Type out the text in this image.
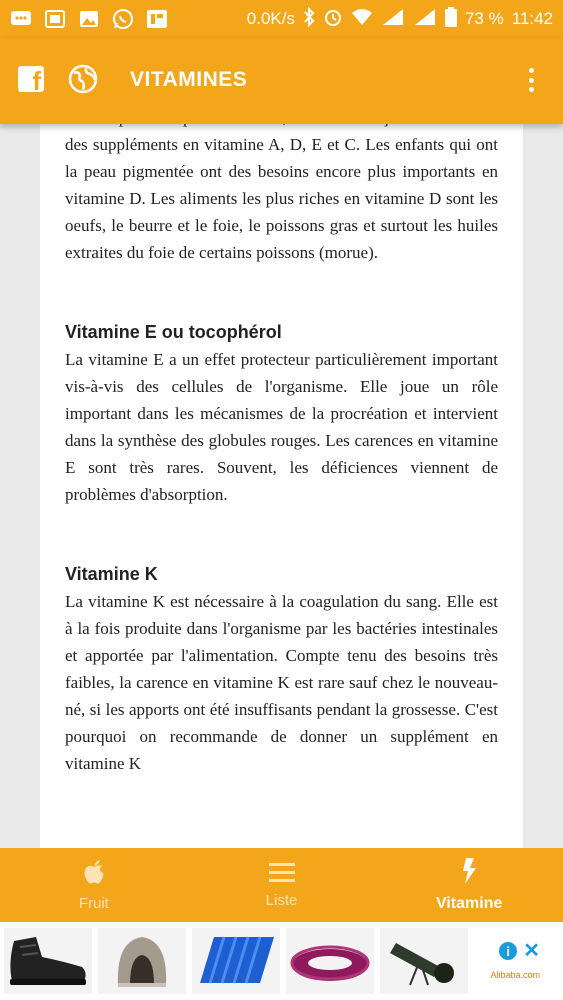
0.0K/s	73 % 11:42
f	VITAMINES

des suppléments en vitamine A, D, E et C. Les enfants qui ont la peau pigmentée ont des besoins encore plus importants en vitamine D. Les aliments les plus riches en vitamine D sont les oeufs, le beurre et le foie, le poissons gras et surtout les huiles extraites du foie de certains poissons (morue).

Vitamine E ou tocophérol

La vitamine E a un effet protecteur particulièrement important vis-à-vis des cellules de l'organisme. Elle joue un rôle important dans les mécanismes de la procréation et intervient dans la synthèse des globules rouges. Les carences en vitamine E sont très rares. Souvent, les déficiences viennent de problèmes d'absorption.

Vitamine K

La vitamine K est nécessaire à la coagulation du sang. Elle est à la fois produite dans l'organisme par les bactéries intestinales et apportée par l'alimentation. Compte tenu des besoins très faibles, la carence en vitamine K est rare sauf chez le nouveau-né, si les apports ont été insuffisants pendant la grossesse. C'est pourquoi on recommande de donner un supplément en vitamine K

Fruit	Liste	Vitamine
i ✕
Alibaba.com
